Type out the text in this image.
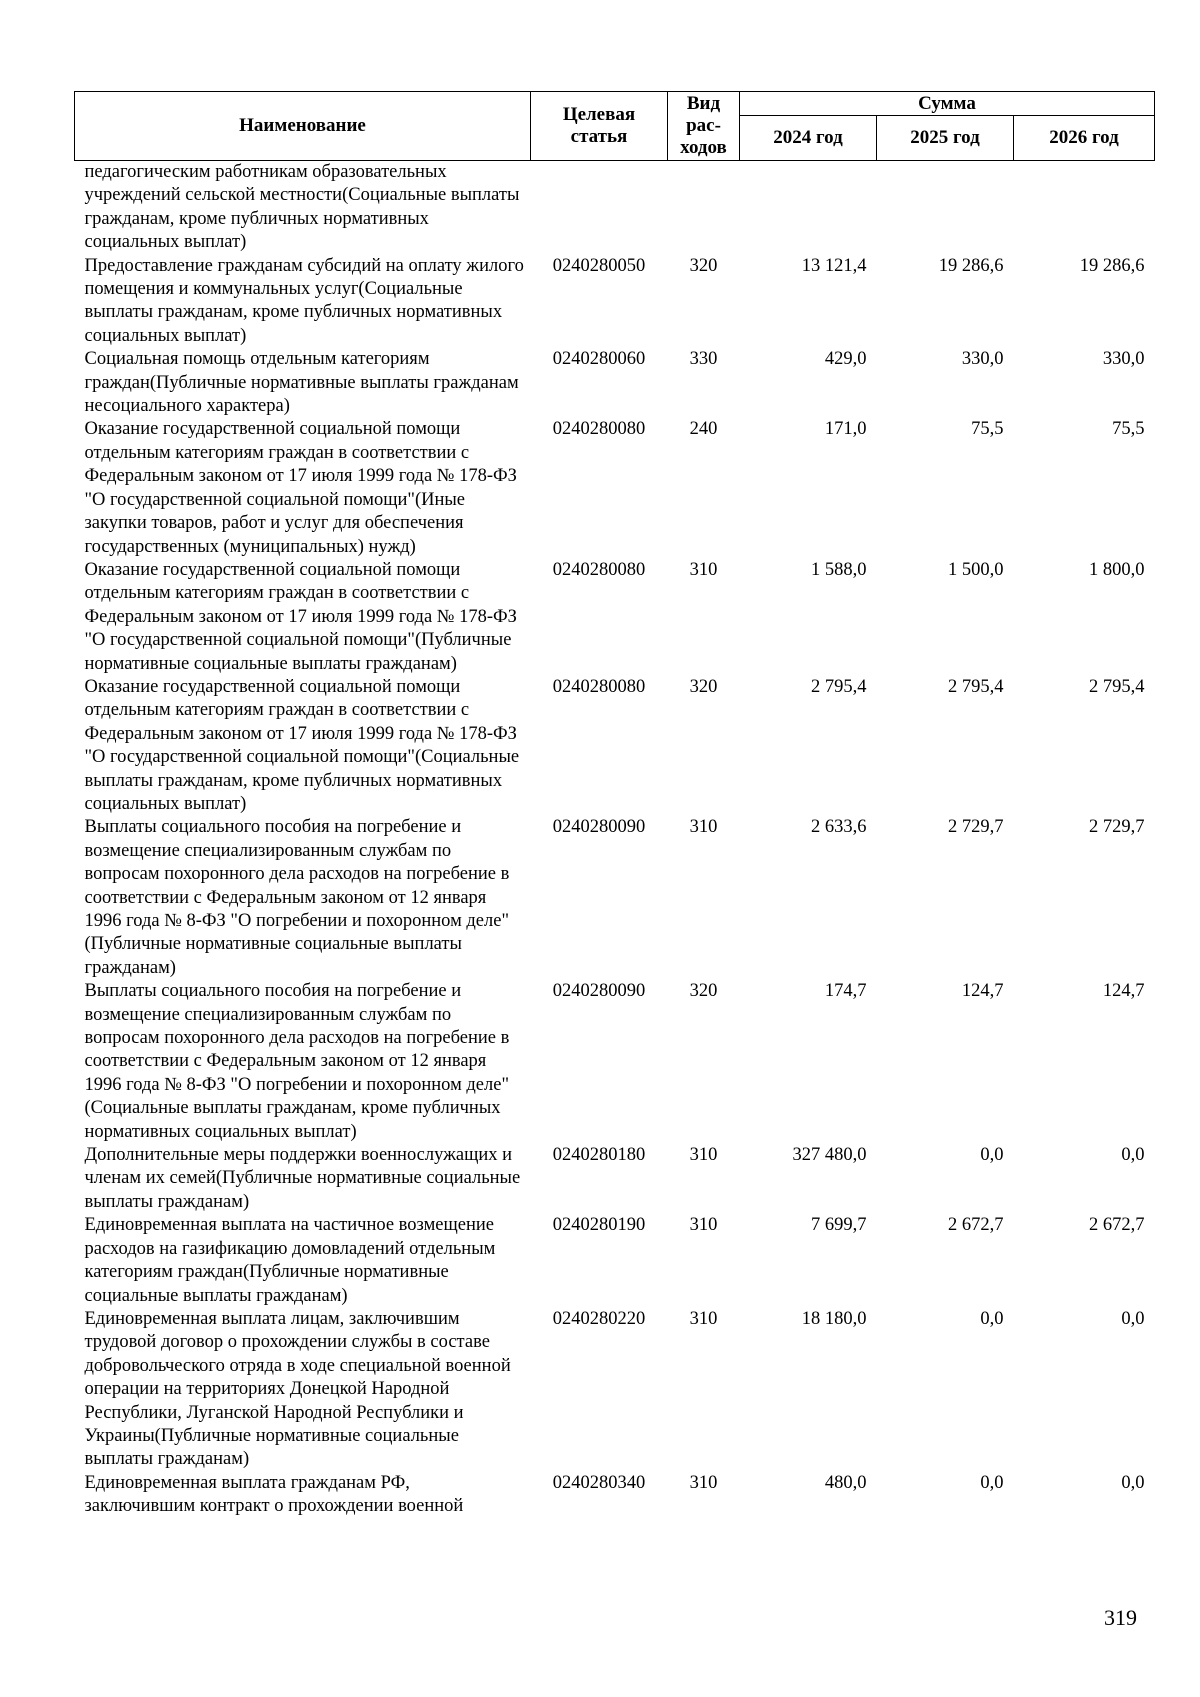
Наименование	Целевая статья	Вид рас-ходов	Сумма		
			2024 год	2025 год	2026 год
педагогическим работникам образовательных учреждений сельской местности(Социальные выплаты гражданам, кроме публичных нормативных социальных выплат)					
Предоставление гражданам субсидий на оплату жилого помещения и коммунальных услуг(Социальные выплаты гражданам, кроме публичных нормативных социальных выплат)	0240280050	320	13 121,4	19 286,6	19 286,6
Социальная помощь отдельным категориям граждан(Публичные нормативные выплаты гражданам несоциального характера)	0240280060	330	429,0	330,0	330,0
Оказание государственной социальной помощи отдельным категориям граждан в соответствии с Федеральным законом от 17 июля 1999 года № 178-ФЗ "О государственной социальной помощи"(Иные закупки товаров, работ и услуг для обеспечения государственных (муниципальных) нужд)	0240280080	240	171,0	75,5	75,5
Оказание государственной социальной помощи отдельным категориям граждан в соответствии с Федеральным законом от 17 июля 1999 года № 178-ФЗ "О государственной социальной помощи"(Публичные нормативные социальные выплаты гражданам)	0240280080	310	1 588,0	1 500,0	1 800,0
Оказание государственной социальной помощи отдельным категориям граждан в соответствии с Федеральным законом от 17 июля 1999 года № 178-ФЗ "О государственной социальной помощи"(Социальные выплаты гражданам, кроме публичных нормативных социальных выплат)	0240280080	320	2 795,4	2 795,4	2 795,4
Выплаты социального пособия на погребение и возмещение специализированным службам по вопросам похоронного дела расходов на погребение в соответствии с Федеральным законом от 12 января 1996 года № 8-ФЗ "О погребении и похоронном деле"(Публичные нормативные социальные выплаты гражданам)	0240280090	310	2 633,6	2 729,7	2 729,7
Выплаты социального пособия на погребение и возмещение специализированным службам по вопросам похоронного дела расходов на погребение в соответствии с Федеральным законом от 12 января 1996 года № 8-ФЗ "О погребении и похоронном деле"(Социальные выплаты гражданам, кроме публичных нормативных социальных выплат)	0240280090	320	174,7	124,7	124,7
Дополнительные меры поддержки военнослужащих и членам их семей(Публичные нормативные социальные выплаты гражданам)	0240280180	310	327 480,0	0,0	0,0
Единовременная выплата на частичное возмещение расходов на газификацию домовладений отдельным категориям граждан(Публичные нормативные социальные выплаты гражданам)	0240280190	310	7 699,7	2 672,7	2 672,7
Единовременная выплата лицам, заключившим трудовой договор о прохождении службы в составе добровольческого отряда в ходе специальной военной операции на территориях Донецкой Народной Республики, Луганской Народной Республики и Украины(Публичные нормативные социальные выплаты гражданам)	0240280220	310	18 180,0	0,0	0,0
Единовременная выплата гражданам РФ, заключившим контракт о прохождении военной	0240280340	310	480,0	0,0	0,0
319
